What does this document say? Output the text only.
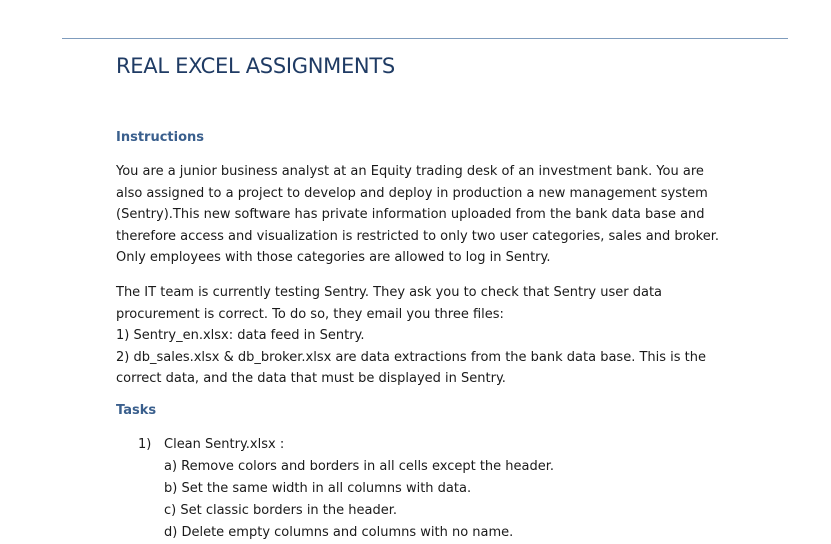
REAL EXCEL ASSIGNMENTS
Instructions
You are a junior business analyst at an Equity trading desk of an investment bank. You are
also assigned to a project to develop and deploy in production a new management system
(Sentry).This new software has private information uploaded from the bank data base and
therefore access and visualization is restricted to only two user categories, sales and broker.
Only employees with those categories are allowed to log in Sentry.
The IT team is currently testing Sentry. They ask you to check that Sentry user data
procurement is correct. To do so, they email you three files:
1) Sentry_en.xlsx: data feed in Sentry.
2) db_sales.xlsx & db_broker.xlsx are data extractions from the bank data base. This is the
correct data, and the data that must be displayed in Sentry.
Tasks
1) Clean Sentry.xlsx :
a) Remove colors and borders in all cells except the header.
b) Set the same width in all columns with data.
c) Set classic borders in the header.
d) Delete empty columns and columns with no name.
